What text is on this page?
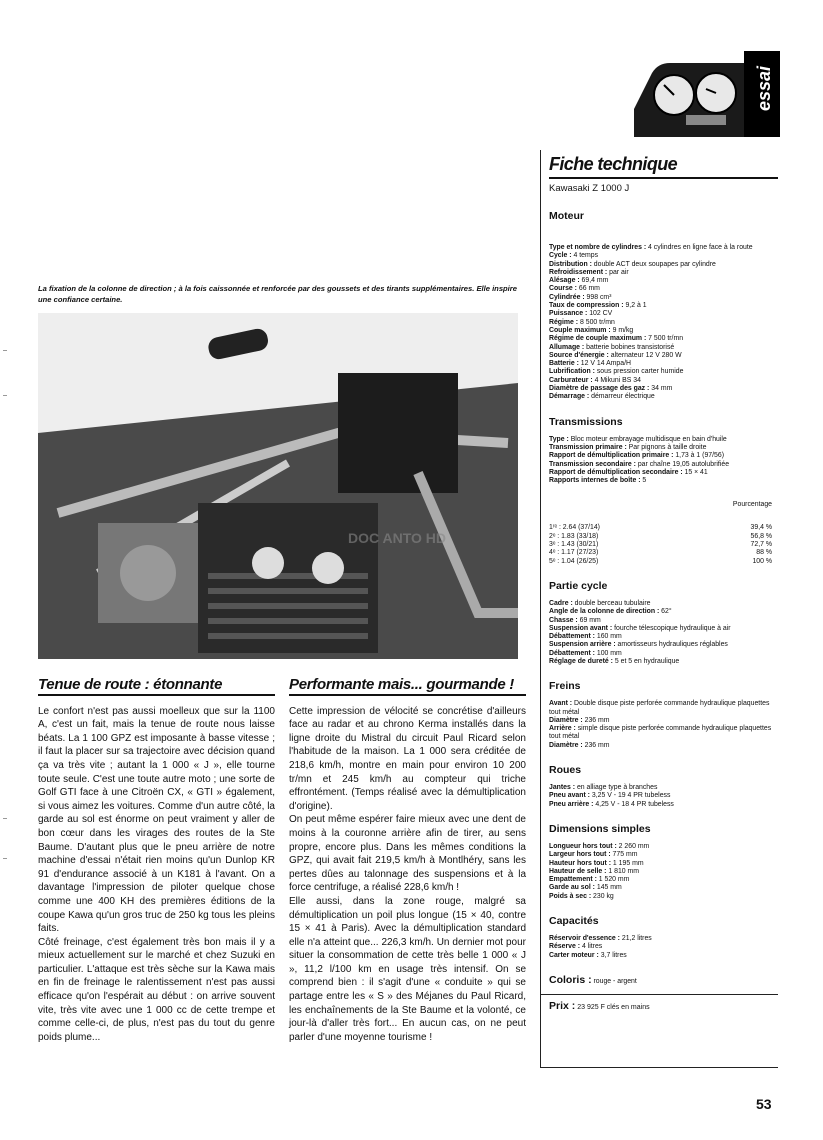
essai
La fixation de la colonne de direction ; à la fois caissonnée et renforcée par des goussets et des tirants supplémentaires. Elle inspire une confiance certaine.
DOC ANTO HD
Tenue de route : étonnante

Le confort n'est pas aussi moelleux que sur la 1100 A, c'est un fait, mais la tenue de route nous laisse béats. La 1 100 GPZ est imposante à basse vitesse ; il faut la placer sur sa trajectoire avec décision quand ça va très vite ; autant la 1 000 « J », elle tourne toute seule. C'est une toute autre moto ; une sorte de Golf GTI face à une Citroën CX, « GTI » également, si vous aimez les voitures. Comme d'un autre côté, la garde au sol est énorme on peut vraiment y aller de bon cœur dans les virages des routes de la Ste Baume. D'autant plus que le pneu arrière de notre machine d'essai n'était rien moins qu'un Dunlop KR 91 d'endurance associé à un K181 à l'avant. On a davantage l'impression de piloter quelque chose comme une 400 KH des premières éditions de la coupe Kawa qu'un gros truc de 250 kg tous les pleins faits.

Côté freinage, c'est également très bon mais il y a mieux actuellement sur le marché et chez Suzuki en particulier. L'attaque est très sèche sur la Kawa mais en fin de freinage le ralentissement n'est pas aussi efficace qu'on l'espérait au début : on arrive souvent vite, très vite avec une 1 000 cc de cette trempe et comme celle-ci, de plus, n'est pas du tout du genre poids plume...

Performante mais... gourmande !

Cette impression de vélocité se concrétise d'ailleurs face au radar et au chrono Kerma installés dans la ligne droite du Mistral du circuit Paul Ricard selon l'habitude de la maison. La 1 000 sera créditée de 218,6 km/h, montre en main pour environ 10 200 tr/mn et 245 km/h au compteur qui triche effrontément. (Temps réalisé avec la démultiplication d'origine).

On peut même espérer faire mieux avec une dent de moins à la couronne arrière afin de tirer, au sens propre, encore plus. Dans les mêmes conditions la GPZ, qui avait fait 219,5 km/h à Montlhéry, sans les pertes dûes au talonnage des suspensions et à la force centrifuge, a réalisé 228,6 km/h !

Elle aussi, dans la zone rouge, malgré sa démultiplication un poil plus longue (15 × 40, contre 15 × 41 à Paris). Avec la démultiplication standard elle n'a atteint que... 226,3 km/h. Un dernier mot pour situer la consommation de cette très belle 1 000 « J », 11,2 l/100 km en usage très intensif. On se comprend bien : il s'agit d'une « conduite » qui se partage entre les « S » des Méjanes du Paul Ricard, les enchaînements de la Ste Baume et la volonté, ce jour-là d'aller très fort... En aucun cas, on ne peut parler d'une moyenne tourisme !

Fiche technique
Kawasaki Z 1000 J
Moteur
Type et nombre de cylindres : 4 cylindres en ligne face à la route
Cycle : 4 temps
Distribution : double ACT deux soupapes par cylindre
Refroidissement : par air
Alésage : 69,4 mm
Course : 66 mm
Cylindrée : 998 cm³
Taux de compression : 9,2 à 1
Puissance : 102 CV
Régime : 8 500 tr/mn
Couple maximum : 9 m/kg
Régime de couple maximum : 7 500 tr/mn
Allumage : batterie bobines transistorisé
Source d'énergie : alternateur 12 V 280 W
Batterie : 12 V 14 Ampa/H
Lubrification : sous pression carter humide
Carburateur : 4 Mikuni BS 34
Diamètre de passage des gaz : 34 mm
Démarrage : démarreur électrique
Transmissions
Type : Bloc moteur embrayage multidisque en bain d'huile
Transmission primaire : Par pignons à taille droite
Rapport de démultiplication primaire : 1,73 à 1 (97/56)
Transmission secondaire : par chaîne 19,05 autolubrifiée
Rapport de démultiplication secondaire : 15 × 41
Rapports internes de boîte : 5
Pourcentage
1ʳᵉ : 2.64 (37/14)	39,4 %
2ᵉ : 1.83 (33/18)	56,8 %
3ᵉ : 1.43 (30/21)	72,7 %
4ᵉ : 1.17 (27/23)	88 %
5ᵉ : 1.04 (26/25)	100 %
Partie cycle
Cadre : double berceau tubulaire
Angle de la colonne de direction : 62°
Chasse : 69 mm
Suspension avant : fourche télescopique hydraulique à air
Débattement : 160 mm
Suspension arrière : amortisseurs hydrauliques réglables
Débattement : 100 mm
Réglage de dureté : 5 et 5 en hydraulique
Freins
Avant : Double disque piste perforée commande hydraulique plaquettes tout métal
Diamètre : 236 mm
Arrière : simple disque piste perforée commande hydraulique plaquettes tout métal
Diamètre : 236 mm
Roues
Jantes : en alliage type à branches
Pneu avant : 3,25 V - 19 4 PR tubeless
Pneu arrière : 4,25 V - 18 4 PR tubeless
Dimensions simples
Longueur hors tout : 2 260 mm
Largeur hors tout : 775 mm
Hauteur hors tout : 1 195 mm
Hauteur de selle : 1 810 mm
Empattement : 1 520 mm
Garde au sol : 145 mm
Poids à sec : 230 kg
Capacités
Réservoir d'essence : 21,2 litres
Réserve : 4 litres
Carter moteur : 3,7 litres
Coloris : rouge - argent
Prix : 23 925 F clés en mains
53
